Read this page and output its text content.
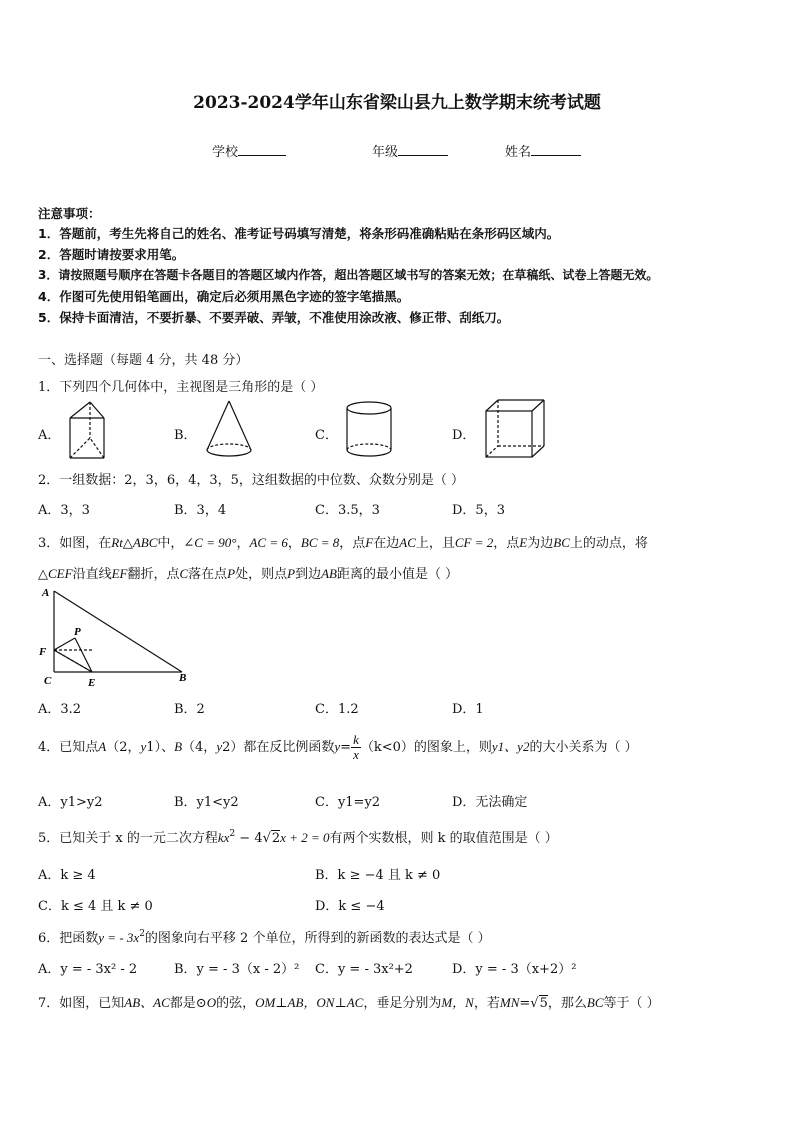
2023-2024学年山东省梁山县九上数学期末统考试题
学校	年级	姓名
注意事项：
1．答题前，考生先将自己的姓名、准考证号码填写清楚，将条形码准确粘贴在条形码区域内。
2．答题时请按要求用笔。
3．请按照题号顺序在答题卡各题目的答题区域内作答，超出答题区域书写的答案无效；在草稿纸、试卷上答题无效。
4．作图可先使用铅笔画出，确定后必须用黑色字迹的签字笔描黑。
5．保持卡面清洁，不要折暴、不要弄破、弄皱，不准使用涂改液、修正带、刮纸刀。
一、选择题（每题 4 分，共 48 分）
1．下列四个几何体中，主视图是三角形的是（ ）
A．	B．	C．	D．
2．一组数据：2，3，6，4，3，5，这组数据的中位数、众数分别是（ ）
A．3，3	B．3，4	C．3.5，3	D．5，3
3．如图，在Rt△ABC中，∠C = 90°，AC = 6，BC = 8，点F在边AC上，且CF = 2，点E为边BC上的动点，将
△CEF沿直线EF翻折，点C落在点P处，则点P到边AB距离的最小值是（ ）
A
P
F
C	E	B
A．3.2	B．2	C．1.2	D．1
4．已知点A（2，y1）、B（4，y2）都在反比例函数$y= \frac{k}{x} (k<0)$的图象上，则y1、y2的大小关系为（ ）
A．y1>y2	B．y1<y2	C．y1=y2	D．无法确定
5．已知关于 x 的一元二次方程$kx^2 - 4√2x + 2 = 0$有两个实数根，则 k 的取值范围是（ ）
A．k ≥ 4	B．k ≥ −4 且 k ≠ 0
C．k ≤ 4 且 k ≠ 0	D．k ≤ −4
6．把函数y = - $3x^2$的图象向右平移 2 个单位，所得到的新函数的表达式是（ ）
A．y = - 3x² - 2	B．y = - 3（x - 2）² C．y = - 3x²+2	D．y = - 3（x+2）²
7．如图，已知AB、AC都是⊙O的弦，OM⊥AB，ON⊥AC，垂足分别为M，N，若MN=√5，那么BC等于（ ）
